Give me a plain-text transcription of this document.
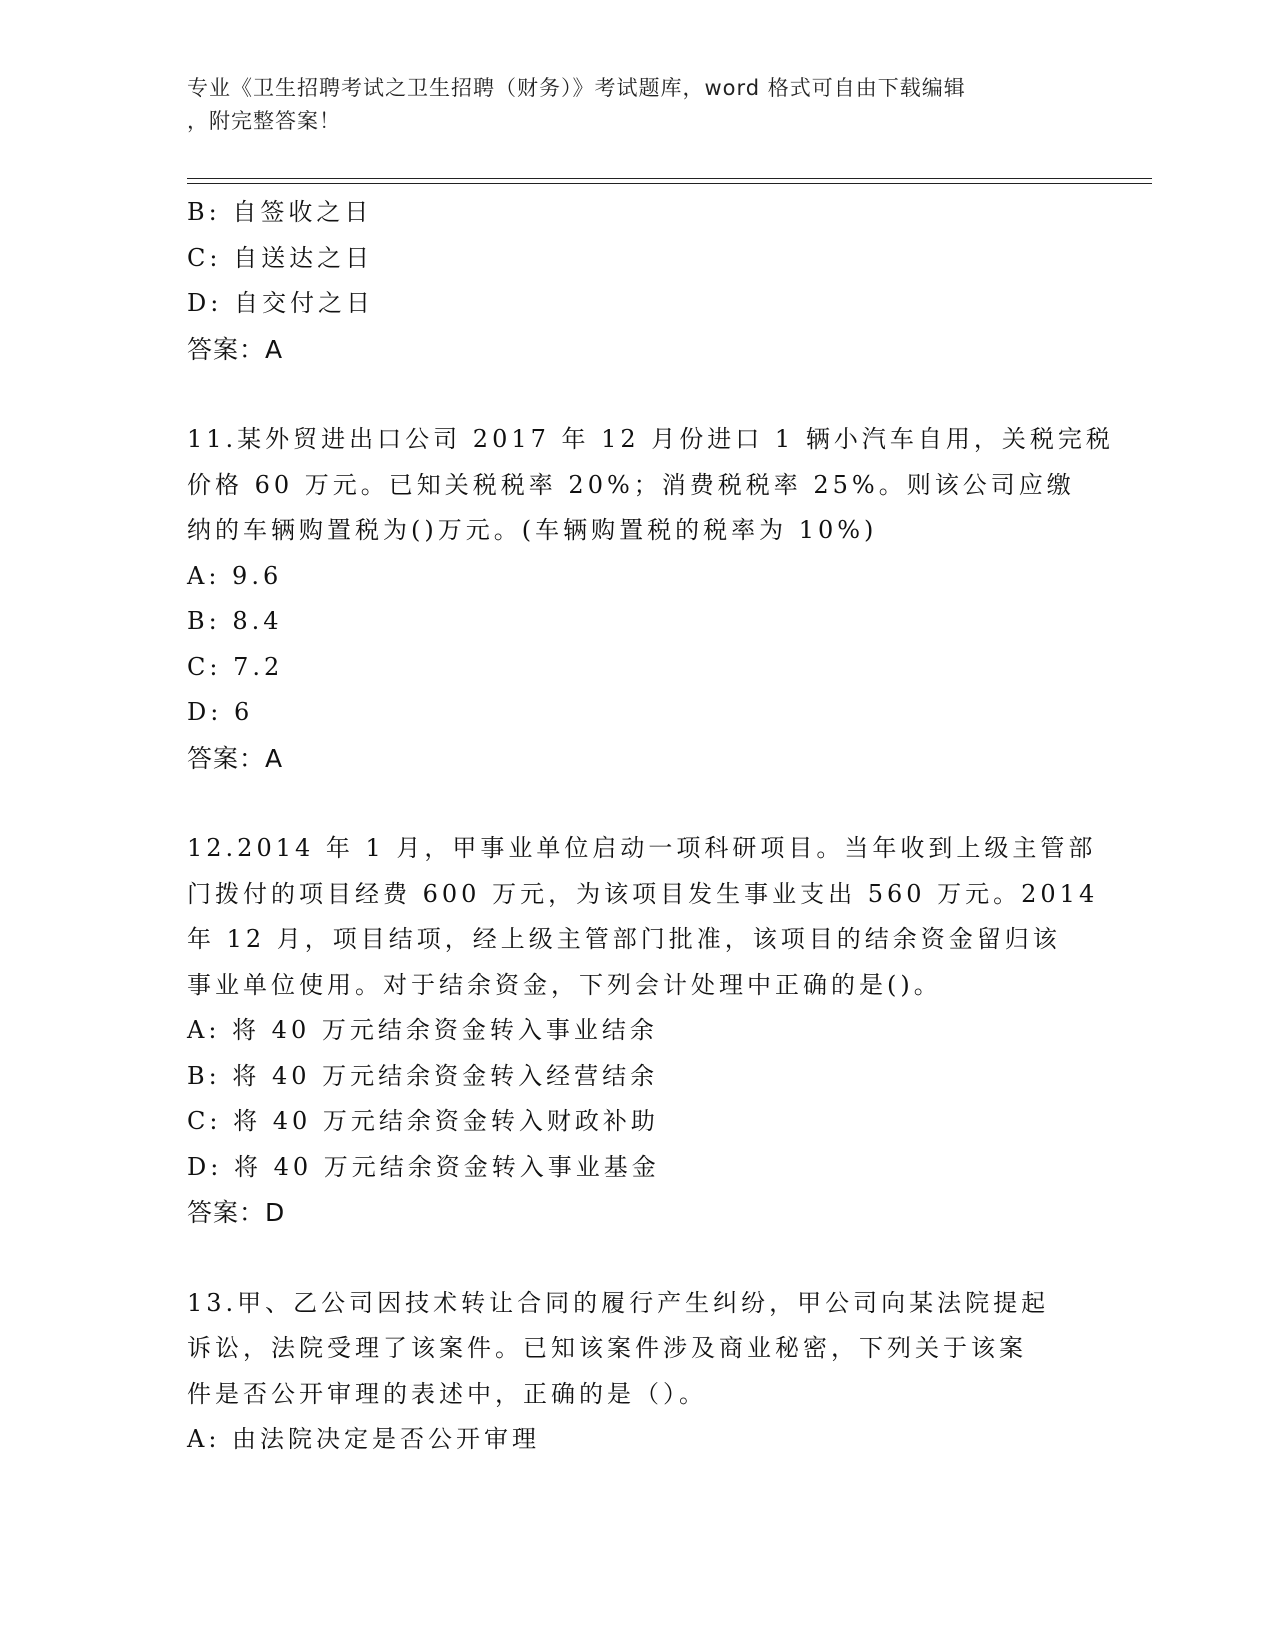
专业《卫生招聘考试之卫生招聘（财务）》考试题库，word 格式可自由下载编辑
，附完整答案！
B: 自签收之日
C: 自送达之日
D: 自交付之日
答案：A
11.某外贸进出口公司 2017 年 12 月份进口 1 辆小汽车自用，关税完税
价格 60 万元。已知关税税率 20%；消费税税率 25%。则该公司应缴
纳的车辆购置税为()万元。(车辆购置税的税率为 10%)
A: 9.6
B: 8.4
C: 7.2
D: 6
答案：A
12.2014 年 1 月，甲事业单位启动一项科研项目。当年收到上级主管部
门拨付的项目经费 600 万元，为该项目发生事业支出 560 万元。2014
年 12 月，项目结项，经上级主管部门批准，该项目的结余资金留归该
事业单位使用。对于结余资金，下列会计处理中正确的是()。
A: 将 40 万元结余资金转入事业结余
B: 将 40 万元结余资金转入经营结余
C: 将 40 万元结余资金转入财政补助
D: 将 40 万元结余资金转入事业基金
答案：D
13.甲、乙公司因技术转让合同的履行产生纠纷，甲公司向某法院提起
诉讼，法院受理了该案件。已知该案件涉及商业秘密，下列关于该案
件是否公开审理的表述中，正确的是（）。
A: 由法院决定是否公开审理
